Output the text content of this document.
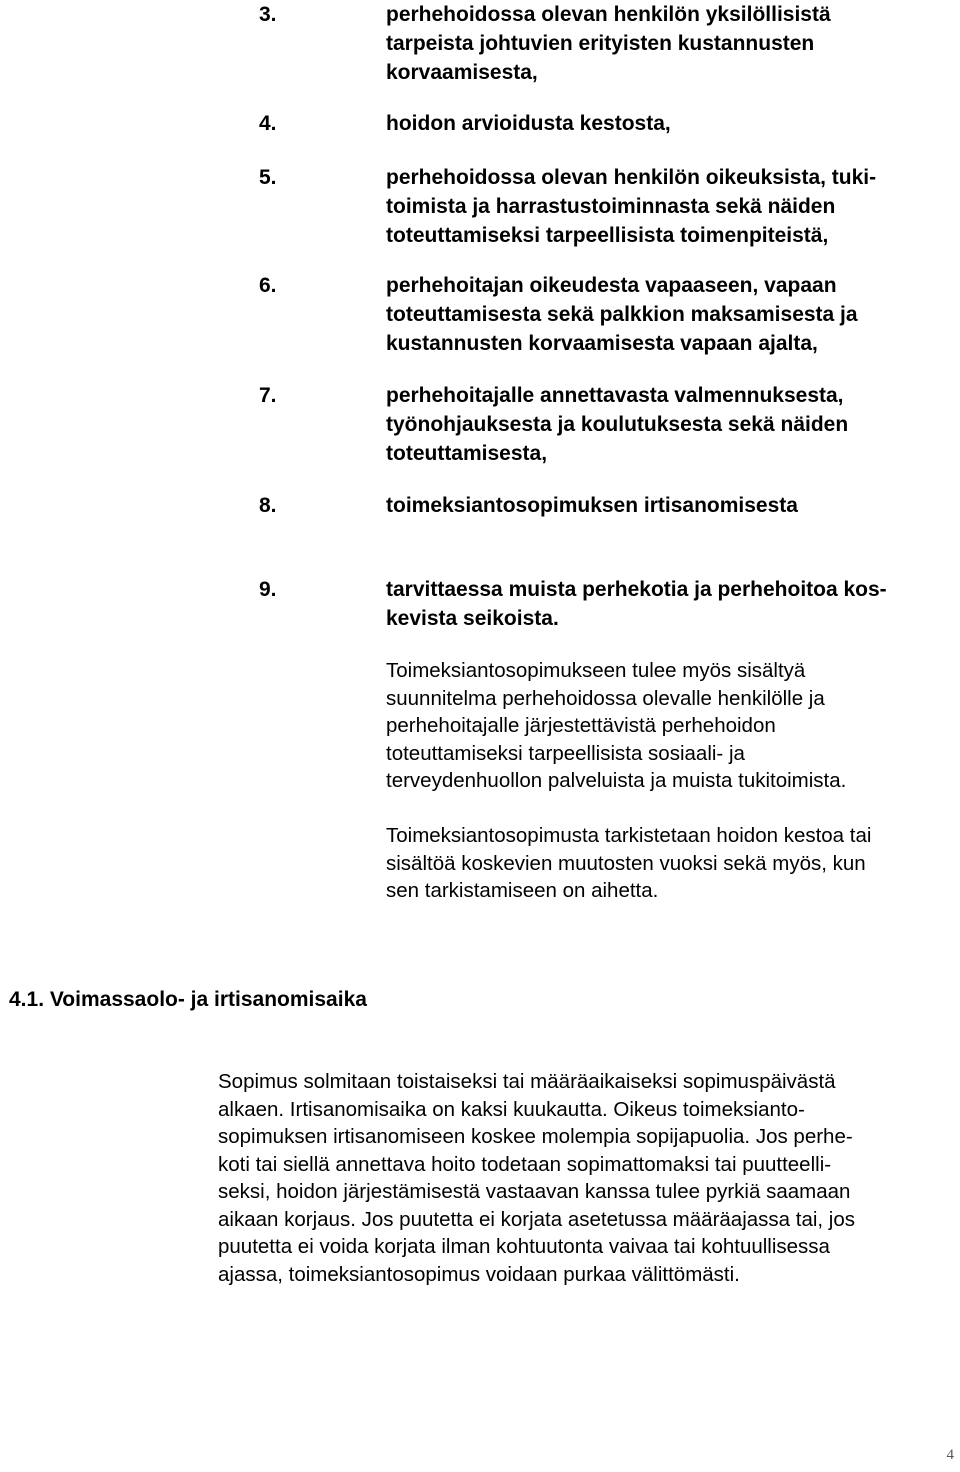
3.	perhehoidossa olevan henkilön yksilöllisistä
tarpeista johtuvien erityisten kustannusten
korvaamisesta,
4.	hoidon arvioidusta kestosta,
5.	perhehoidossa olevan henkilön oikeuksista, tuki-
toimista ja harrastustoiminnasta sekä näiden
toteuttamiseksi tarpeellisista toimenpiteistä,
6.	perhehoitajan oikeudesta vapaaseen, vapaan
toteuttamisesta sekä palkkion maksamisesta ja
kustannusten korvaamisesta vapaan ajalta,
7.	perhehoitajalle annettavasta valmennuksesta,
työnohjauksesta ja koulutuksesta sekä näiden
toteuttamisesta,
8.	toimeksiantosopimuksen irtisanomisesta
9.	tarvittaessa muista perhekotia ja perhehoitoa kos-
kevista seikoista.
Toimeksiantosopimukseen tulee myös sisältyä
suunnitelma perhehoidossa olevalle henkilölle ja
perhehoitajalle järjestettävistä perhehoidon
toteuttamiseksi tarpeellisista sosiaali- ja
terveydenhuollon palveluista ja muista tukitoimista.
Toimeksiantosopimusta tarkistetaan hoidon kestoa tai
sisältöä koskevien muutosten vuoksi sekä myös, kun
sen tarkistamiseen on aihetta.
4.1. Voimassaolo- ja irtisanomisaika
Sopimus solmitaan toistaiseksi tai määräaikaiseksi sopimuspäivästä
alkaen. Irtisanomisaika on kaksi kuukautta. Oikeus toimeksianto-
sopimuksen irtisanomiseen koskee molempia sopijapuolia. Jos perhe-
koti tai siellä annettava hoito todetaan sopimattomaksi tai puutteelli-
seksi, hoidon järjestämisestä vastaavan kanssa tulee pyrkiä saamaan
aikaan korjaus. Jos puutetta ei korjata asetetussa määräajassa tai, jos
puutetta ei voida korjata ilman kohtuutonta vaivaa tai kohtuullisessa
ajassa, toimeksiantosopimus voidaan purkaa välittömästi.
4
